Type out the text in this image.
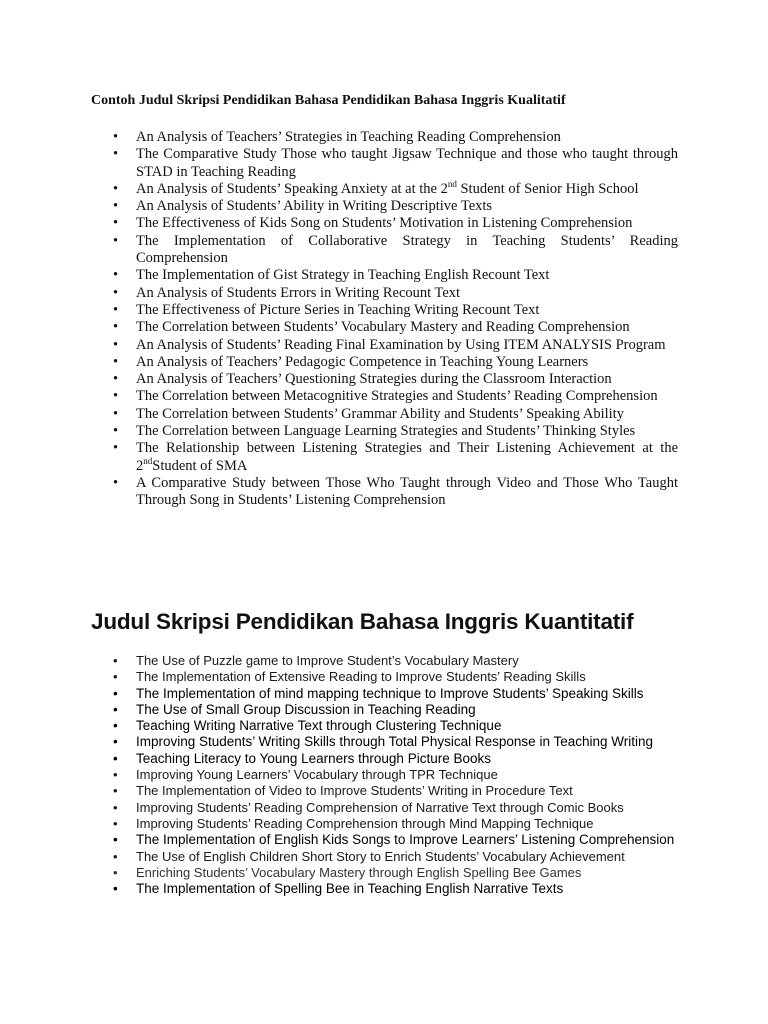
Contoh Judul Skripsi Pendidikan Bahasa Pendidikan Bahasa Inggris Kualitatif
• An Analysis of Teachers’ Strategies in Teaching Reading Comprehension
• The Comparative Study Those who taught Jigsaw Technique and those who taught through STAD in Teaching Reading
• An Analysis of Students’ Speaking Anxiety at at the 2nd Student of Senior High School
• An Analysis of Students’ Ability in Writing Descriptive Texts
• The Effectiveness of Kids Song on Students’ Motivation in Listening Comprehension
• The Implementation of Collaborative Strategy in Teaching Students’ Reading Comprehension
• The Implementation of Gist Strategy in Teaching English Recount Text
• An Analysis of Students Errors in Writing Recount Text
• The Effectiveness of Picture Series in Teaching Writing Recount Text
• The Correlation between Students’ Vocabulary Mastery and Reading Comprehension
• An Analysis of Students’ Reading Final Examination by Using ITEM ANALYSIS Program
• An Analysis of Teachers’ Pedagogic Competence in Teaching Young Learners
• An Analysis of Teachers’ Questioning Strategies during the Classroom Interaction
• The Correlation between Metacognitive Strategies and Students’ Reading Comprehension
• The Correlation between Students’ Grammar Ability and Students’ Speaking Ability
• The Correlation between Language Learning Strategies and Students’ Thinking Styles
• The Relationship between Listening Strategies and Their Listening Achievement at the 2ndStudent of SMA
• A Comparative Study between Those Who Taught through Video and Those Who Taught Through Song in Students’ Listening Comprehension
Judul Skripsi Pendidikan Bahasa Inggris Kuantitatif
• The Use of Puzzle game to Improve Student’s Vocabulary Mastery
• The Implementation of Extensive Reading to Improve Students’ Reading Skills
• The Implementation of mind mapping technique to Improve Students’ Speaking Skills
• The Use of Small Group Discussion in Teaching Reading
• Teaching Writing Narrative Text through Clustering Technique
• Improving Students’ Writing Skills through Total Physical Response in Teaching Writing
• Teaching Literacy to Young Learners through Picture Books
• Improving Young Learners’ Vocabulary through TPR Technique
• The Implementation of Video to Improve Students’ Writing in Procedure Text
• Improving Students’ Reading Comprehension of Narrative Text through Comic Books
• Improving Students’ Reading Comprehension through Mind Mapping Technique
• The Implementation of English Kids Songs to Improve Learners’ Listening Comprehension
• The Use of English Children Short Story to Enrich Students’ Vocabulary Achievement
• Enriching Students’ Vocabulary Mastery through English Spelling Bee Games
• The Implementation of Spelling Bee in Teaching English Narrative Texts
